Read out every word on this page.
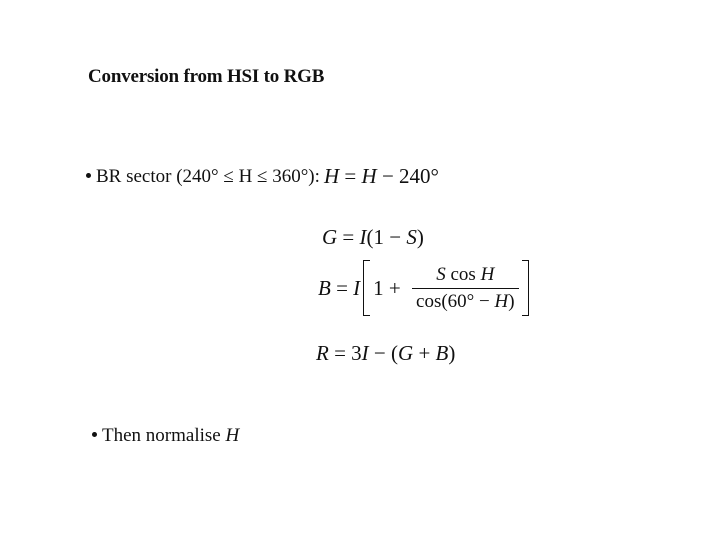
Conversion from HSI to RGB
BR sector (240° ≤ H ≤ 360°): H = H − 240°
G = I(1 − S)
B = I $1 + \frac{\text{S cos H}}{\cos(60^\circ - H)}$
R = 3I − (G + B)
Then normalise H
